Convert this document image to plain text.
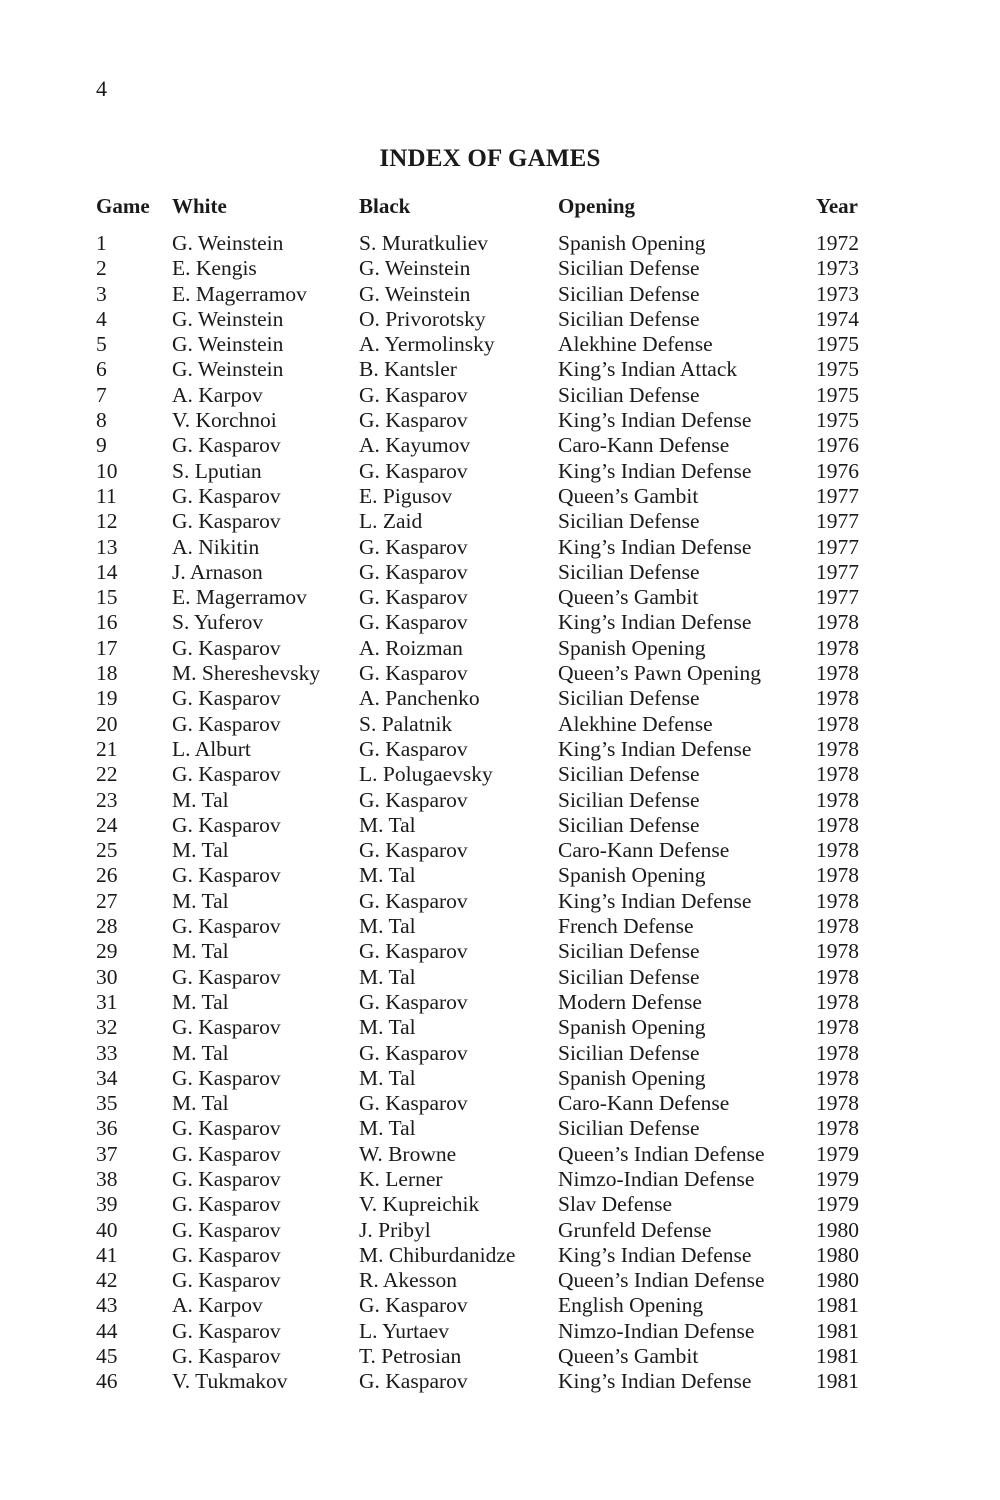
4
INDEX OF GAMES
Game	White	Black	Opening	Year
1	G. Weinstein	S. Muratkuliev	Spanish Opening	1972
2	E. Kengis	G. Weinstein	Sicilian Defense	1973
3	E. Magerramov	G. Weinstein	Sicilian Defense	1973
4	G. Weinstein	O. Privorotsky	Sicilian Defense	1974
5	G. Weinstein	A. Yermolinsky	Alekhine Defense	1975
6	G. Weinstein	B. Kantsler	King’s Indian Attack	1975
7	A. Karpov	G. Kasparov	Sicilian Defense	1975
8	V. Korchnoi	G. Kasparov	King’s Indian Defense	1975
9	G. Kasparov	A. Kayumov	Caro-Kann Defense	1976
10	S. Lputian	G. Kasparov	King’s Indian Defense	1976
11	G. Kasparov	E. Pigusov	Queen’s Gambit	1977
12	G. Kasparov	L. Zaid	Sicilian Defense	1977
13	A. Nikitin	G. Kasparov	King’s Indian Defense	1977
14	J. Arnason	G. Kasparov	Sicilian Defense	1977
15	E. Magerramov	G. Kasparov	Queen’s Gambit	1977
16	S. Yuferov	G. Kasparov	King’s Indian Defense	1978
17	G. Kasparov	A. Roizman	Spanish Opening	1978
18	M. Shereshevsky	G. Kasparov	Queen’s Pawn Opening	1978
19	G. Kasparov	A. Panchenko	Sicilian Defense	1978
20	G. Kasparov	S. Palatnik	Alekhine Defense	1978
21	L. Alburt	G. Kasparov	King’s Indian Defense	1978
22	G. Kasparov	L. Polugaevsky	Sicilian Defense	1978
23	M. Tal	G. Kasparov	Sicilian Defense	1978
24	G. Kasparov	M. Tal	Sicilian Defense	1978
25	M. Tal	G. Kasparov	Caro-Kann Defense	1978
26	G. Kasparov	M. Tal	Spanish Opening	1978
27	M. Tal	G. Kasparov	King’s Indian Defense	1978
28	G. Kasparov	M. Tal	French Defense	1978
29	M. Tal	G. Kasparov	Sicilian Defense	1978
30	G. Kasparov	M. Tal	Sicilian Defense	1978
31	M. Tal	G. Kasparov	Modern Defense	1978
32	G. Kasparov	M. Tal	Spanish Opening	1978
33	M. Tal	G. Kasparov	Sicilian Defense	1978
34	G. Kasparov	M. Tal	Spanish Opening	1978
35	M. Tal	G. Kasparov	Caro-Kann Defense	1978
36	G. Kasparov	M. Tal	Sicilian Defense	1978
37	G. Kasparov	W. Browne	Queen’s Indian Defense	1979
38	G. Kasparov	K. Lerner	Nimzo-Indian Defense	1979
39	G. Kasparov	V. Kupreichik	Slav Defense	1979
40	G. Kasparov	J. Pribyl	Grunfeld Defense	1980
41	G. Kasparov	M. Chiburdanidze	King’s Indian Defense	1980
42	G. Kasparov	R. Akesson	Queen’s Indian Defense	1980
43	A. Karpov	G. Kasparov	English Opening	1981
44	G. Kasparov	L. Yurtaev	Nimzo-Indian Defense	1981
45	G. Kasparov	T. Petrosian	Queen’s Gambit	1981
46	V. Tukmakov	G. Kasparov	King’s Indian Defense	1981
